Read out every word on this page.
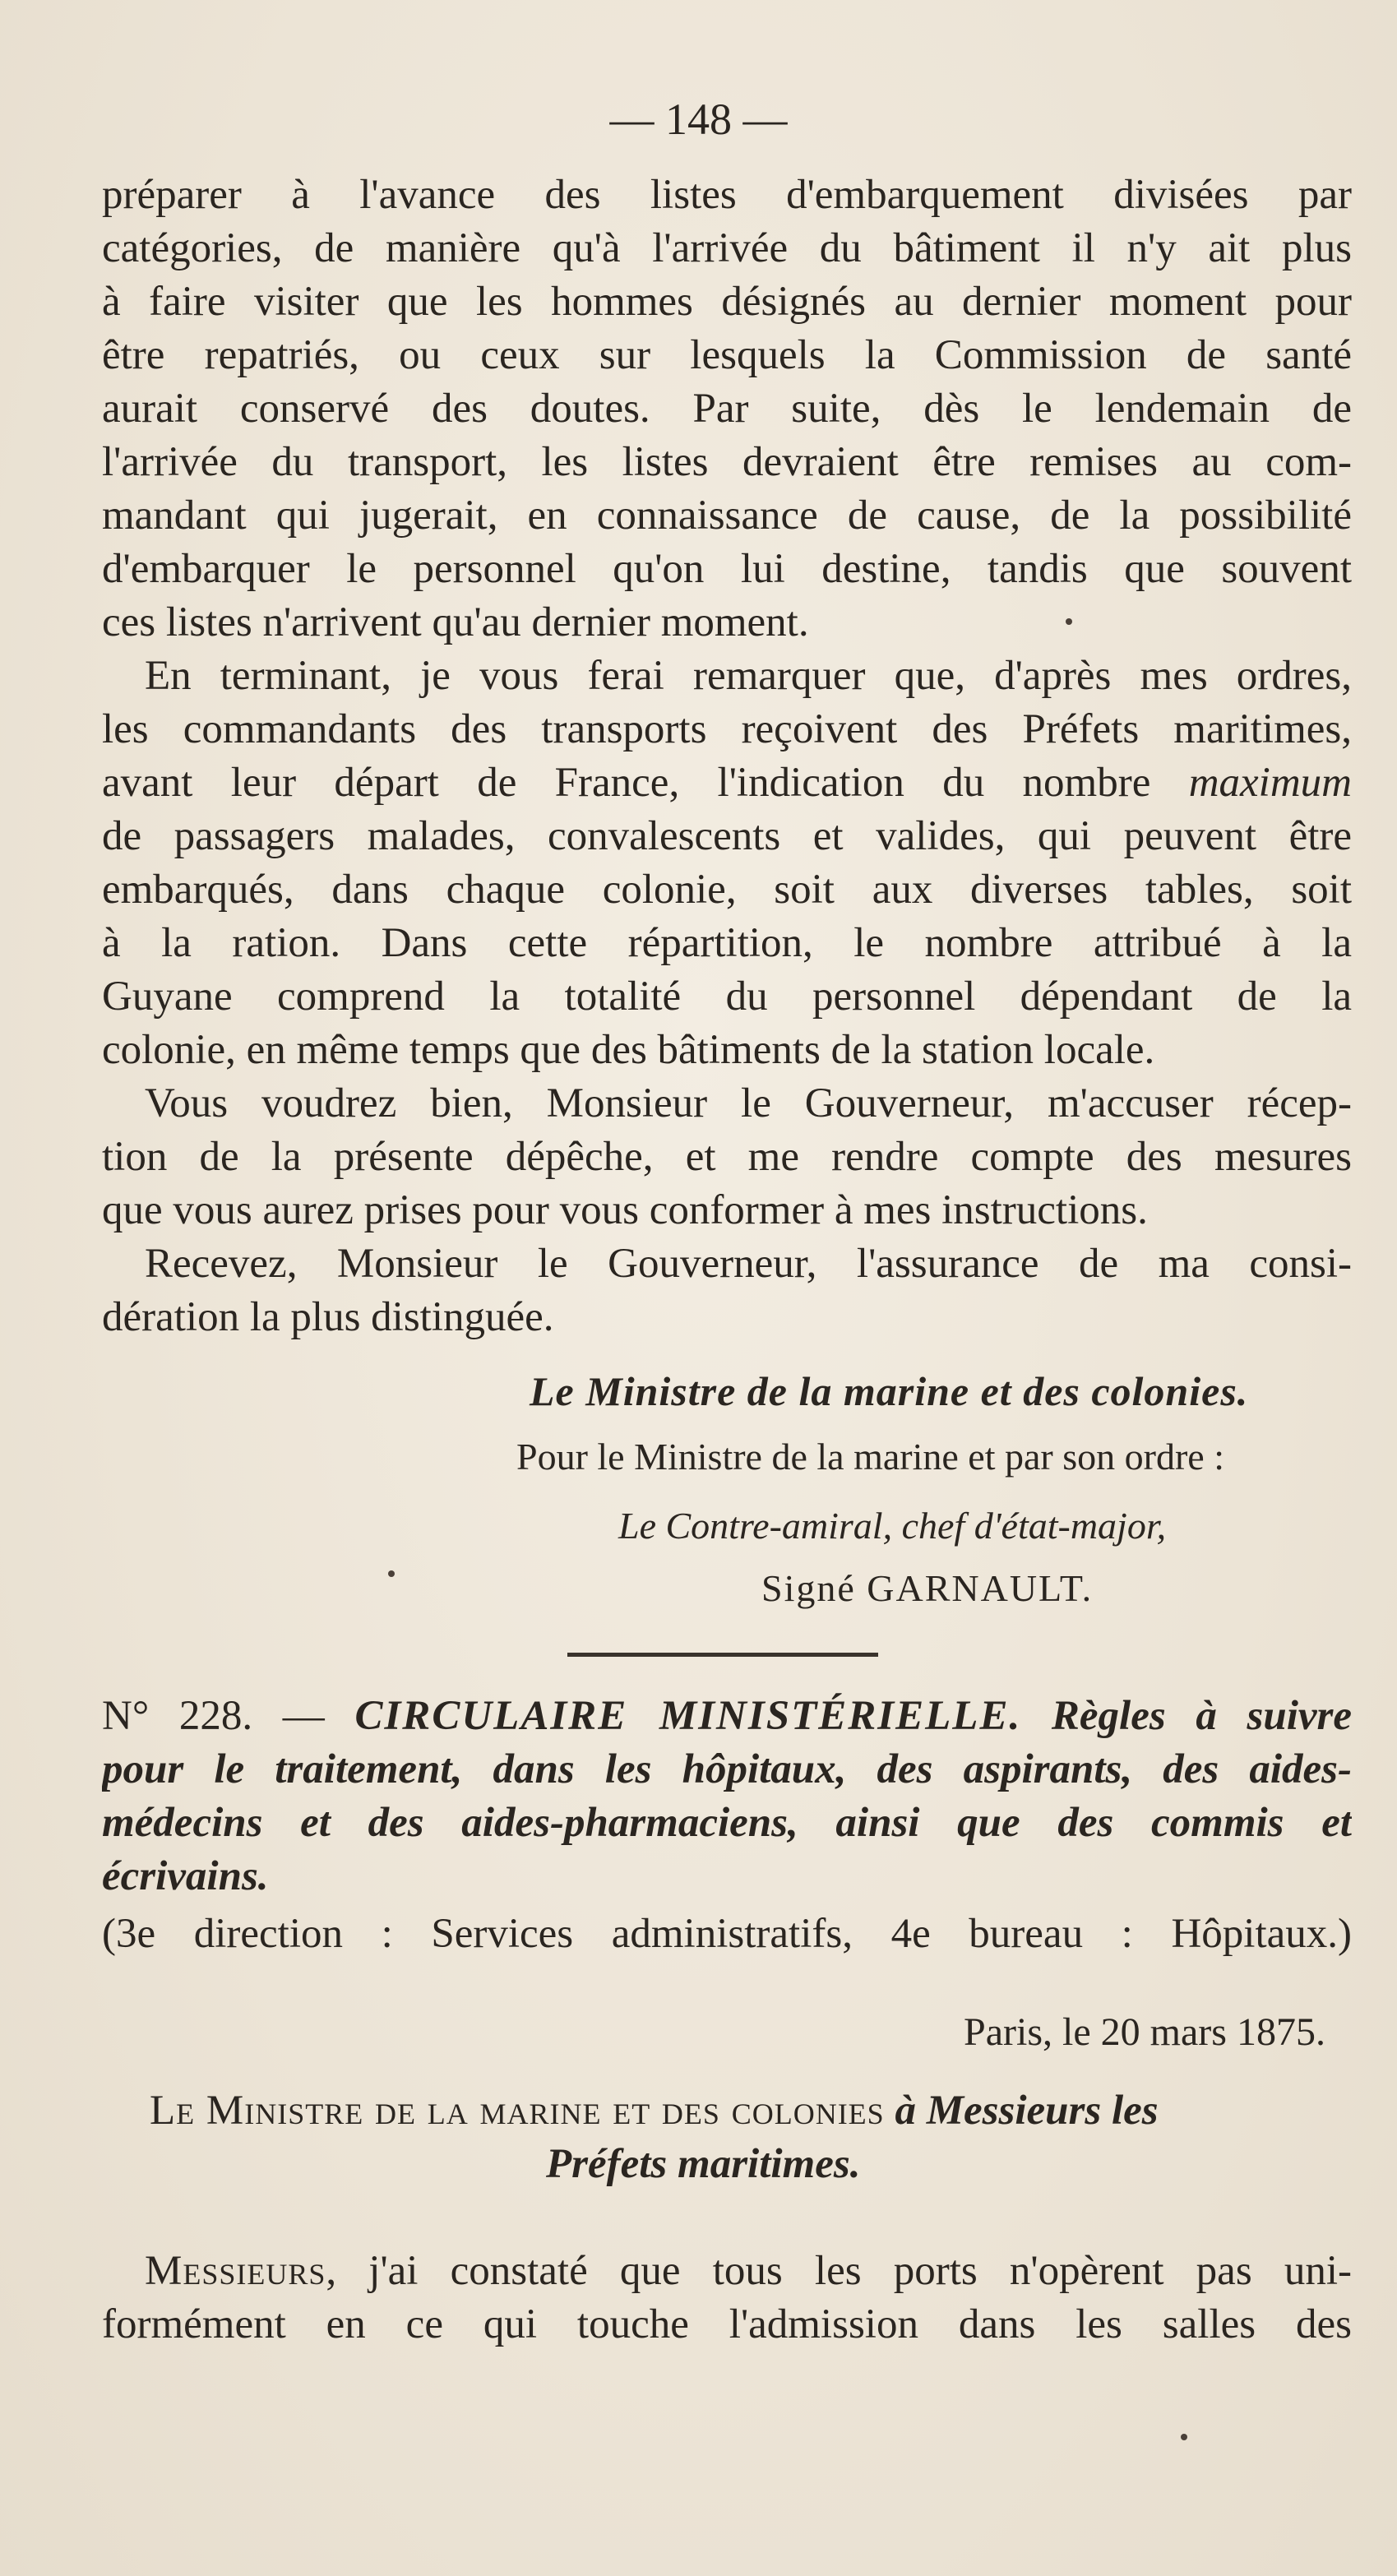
— 148 —
préparer à l'avance des listes d'embarquement divisées par
catégories, de manière qu'à l'arrivée du bâtiment il n'y ait plus
à faire visiter que les hommes désignés au dernier moment pour
être repatriés, ou ceux sur lesquels la Commission de santé
aurait conservé des doutes. Par suite, dès le lendemain de
l'arrivée du transport, les listes devraient être remises au com-
mandant qui jugerait, en connaissance de cause, de la possibilité
d'embarquer le personnel qu'on lui destine, tandis que souvent
ces listes n'arrivent qu'au dernier moment.
En terminant, je vous ferai remarquer que, d'après mes ordres,
les commandants des transports reçoivent des Préfets maritimes,
avant leur départ de France, l'indication du nombre maximum
de passagers malades, convalescents et valides, qui peuvent être
embarqués, dans chaque colonie, soit aux diverses tables, soit
à la ration. Dans cette répartition, le nombre attribué à la
Guyane comprend la totalité du personnel dépendant de la
colonie, en même temps que des bâtiments de la station locale.
Vous voudrez bien, Monsieur le Gouverneur, m'accuser récep-
tion de la présente dépêche, et me rendre compte des mesures
que vous aurez prises pour vous conformer à mes instructions.
Recevez, Monsieur le Gouverneur, l'assurance de ma consi-
dération la plus distinguée.
Le Ministre de la marine et des colonies.
Pour le Ministre de la marine et par son ordre :
Le Contre-amiral, chef d'état-major,
Signé GARNAULT.
N° 228. — CIRCULAIRE MINISTÉRIELLE. Règles à suivre
pour le traitement, dans les hôpitaux, des aspirants, des aides-
médecins et des aides-pharmaciens, ainsi que des commis et
écrivains.
(3e direction : Services administratifs, 4e bureau : Hôpitaux.)
Paris, le 20 mars 1875.
Le Ministre de la marine et des colonies à Messieurs les
Préfets maritimes.
Messieurs, j'ai constaté que tous les ports n'opèrent pas uni-
formément en ce qui touche l'admission dans les salles des
